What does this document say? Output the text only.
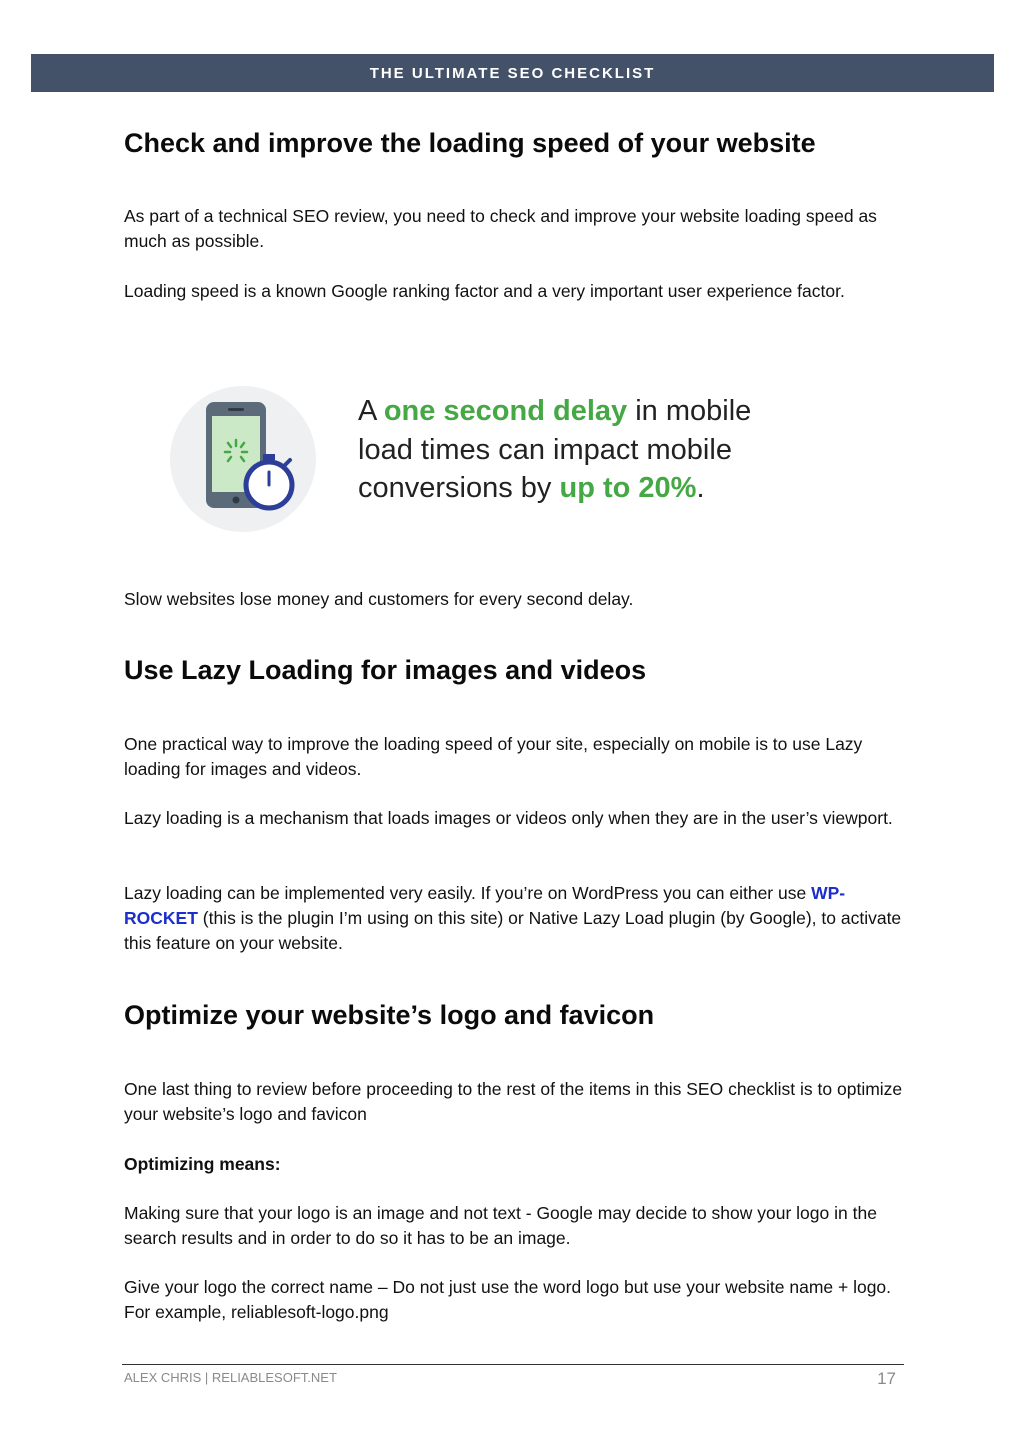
THE ULTIMATE SEO CHECKLIST
Check and improve the loading speed of your website

As part of a technical SEO review, you need to check and improve your website loading speed as much as possible.

Loading speed is a known Google ranking factor and a very important user experience factor.

Slow websites lose money and customers for every second delay.

Use Lazy Loading for images and videos

One practical way to improve the loading speed of your site, especially on mobile is to use Lazy loading for images and videos.

Lazy loading is a mechanism that loads images or videos only when they are in the user’s viewport.

Lazy loading can be implemented very easily. If you’re on WordPress you can either use WP-ROCKET (this is the plugin I’m using on this site) or Native Lazy Load plugin (by Google), to activate this feature on your website.

Optimize your website’s logo and favicon

One last thing to review before proceeding to the rest of the items in this SEO checklist is to optimize your website’s logo and favicon

Optimizing means:

Making sure that your logo is an image and not text - Google may decide to show your logo in the search results and in order to do so it has to be an image.

Give your logo the correct name – Do not just use the word logo but use your website name + logo. For example, reliablesoft-logo.png

A one second delay in mobile load times can impact mobile conversions by up to 20%.
ALEX CHRIS | RELIABLESOFT.NET	17
